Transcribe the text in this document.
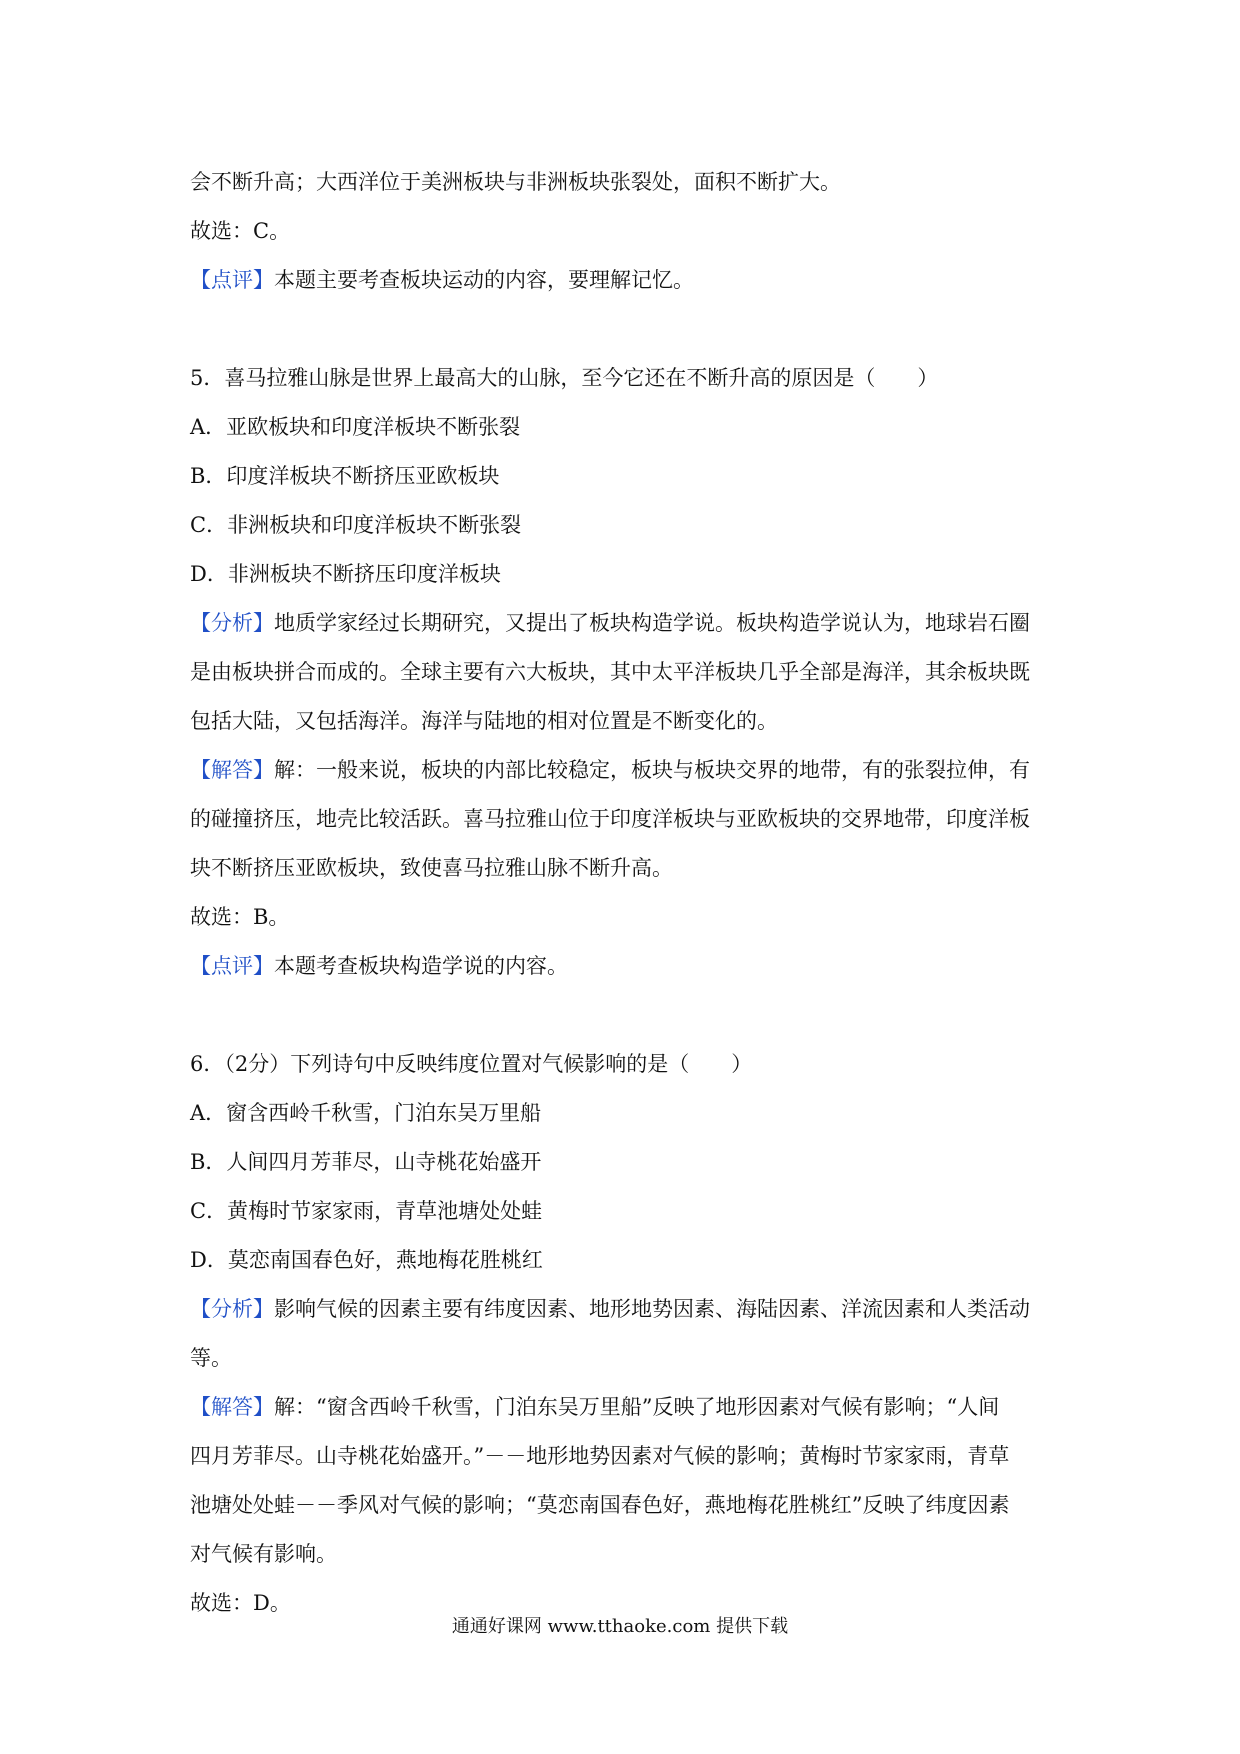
会不断升高；大西洋位于美洲板块与非洲板块张裂处，面积不断扩大。
故选：C。
【点评】本题主要考查板块运动的内容，要理解记忆。
5．喜马拉雅山脉是世界上最高大的山脉，至今它还在不断升高的原因是（　　）
A．亚欧板块和印度洋板块不断张裂
B．印度洋板块不断挤压亚欧板块
C．非洲板块和印度洋板块不断张裂
D．非洲板块不断挤压印度洋板块
【分析】地质学家经过长期研究，又提出了板块构造学说。板块构造学说认为，地球岩石圈
是由板块拼合而成的。全球主要有六大板块，其中太平洋板块几乎全部是海洋，其余板块既
包括大陆，又包括海洋。海洋与陆地的相对位置是不断变化的。
【解答】解：一般来说，板块的内部比较稳定，板块与板块交界的地带，有的张裂拉伸，有
的碰撞挤压，地壳比较活跃。喜马拉雅山位于印度洋板块与亚欧板块的交界地带，印度洋板
块不断挤压亚欧板块，致使喜马拉雅山脉不断升高。
故选：B。
【点评】本题考查板块构造学说的内容。
6．（2分）下列诗句中反映纬度位置对气候影响的是（　　）
A．窗含西岭千秋雪，门泊东吴万里船
B．人间四月芳菲尽，山寺桃花始盛开
C．黄梅时节家家雨，青草池塘处处蛙
D．莫恋南国春色好，燕地梅花胜桃红
【分析】影响气候的因素主要有纬度因素、地形地势因素、海陆因素、洋流因素和人类活动
等。
【解答】解：“窗含西岭千秋雪，门泊东吴万里船”反映了地形因素对气候有影响；“人间
四月芳菲尽。山寺桃花始盛开。”－－地形地势因素对气候的影响；黄梅时节家家雨，青草
池塘处处蛙－－季风对气候的影响；“莫恋南国春色好，燕地梅花胜桃红”反映了纬度因素
对气候有影响。
故选：D。
通通好课网 www.tthaoke.com 提供下载
